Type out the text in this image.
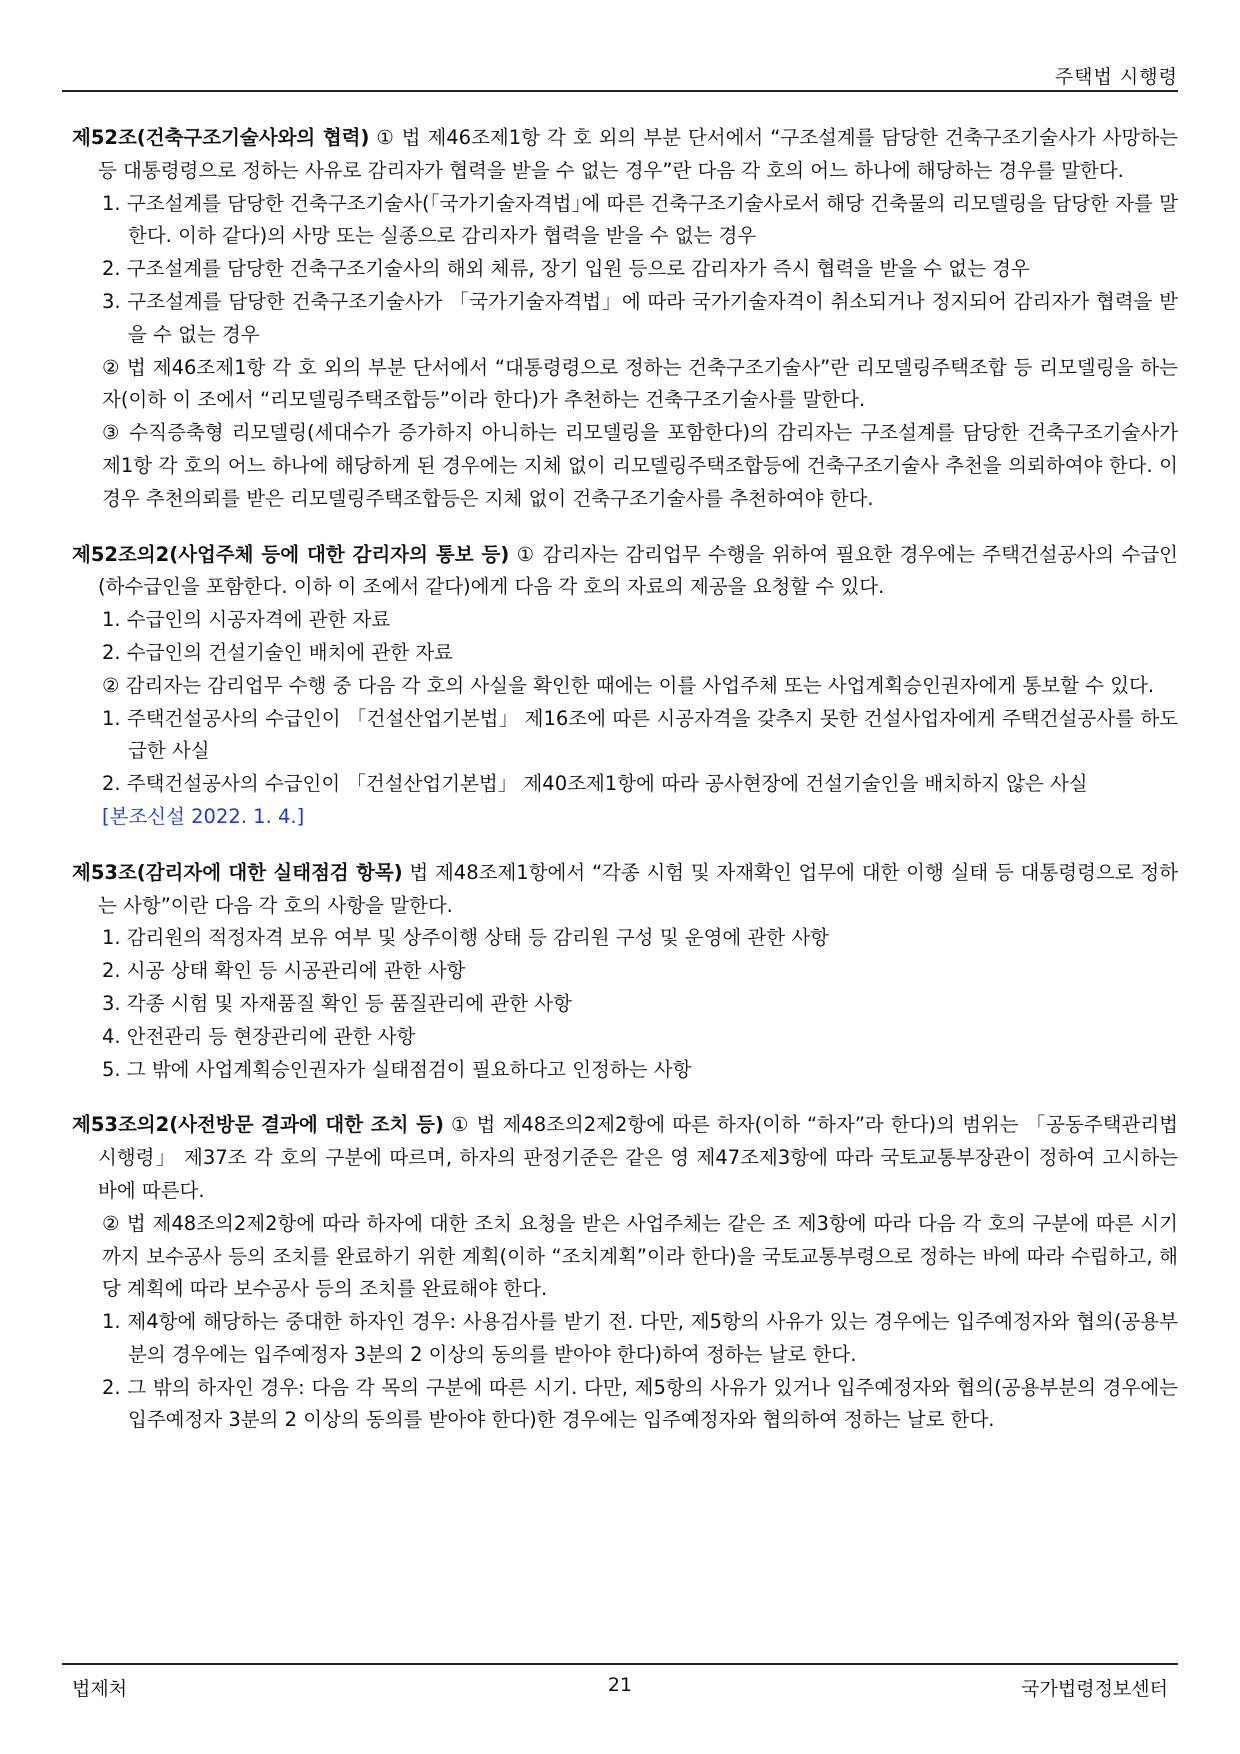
주택법 시행령

제52조(건축구조기술사와의 협력) ① 법 제46조제1항 각 호 외의 부분 단서에서 “구조설계를 담당한 건축구조기술사가 사망하는 등 대통령령으로 정하는 사유로 감리자가 협력을 받을 수 없는 경우”란 다음 각 호의 어느 하나에 해당하는 경우를 말한다.

1. 구조설계를 담당한 건축구조기술사(｢국가기술자격법｣에 따른 건축구조기술사로서 해당 건축물의 리모델링을 담당한 자를 말한다. 이하 같다)의 사망 또는 실종으로 감리자가 협력을 받을 수 없는 경우

2. 구조설계를 담당한 건축구조기술사의 해외 체류, 장기 입원 등으로 감리자가 즉시 협력을 받을 수 없는 경우

3. 구조설계를 담당한 건축구조기술사가 「국가기술자격법」에 따라 국가기술자격이 취소되거나 정지되어 감리자가 협력을 받을 수 없는 경우

② 법 제46조제1항 각 호 외의 부분 단서에서 “대통령령으로 정하는 건축구조기술사”란 리모델링주택조합 등 리모델링을 하는 자(이하 이 조에서 “리모델링주택조합등”이라 한다)가 추천하는 건축구조기술사를 말한다.

③ 수직증축형 리모델링(세대수가 증가하지 아니하는 리모델링을 포함한다)의 감리자는 구조설계를 담당한 건축구조기술사가 제1항 각 호의 어느 하나에 해당하게 된 경우에는 지체 없이 리모델링주택조합등에 건축구조기술사 추천을 의뢰하여야 한다. 이 경우 추천의뢰를 받은 리모델링주택조합등은 지체 없이 건축구조기술사를 추천하여야 한다.

제52조의2(사업주체 등에 대한 감리자의 통보 등) ① 감리자는 감리업무 수행을 위하여 필요한 경우에는 주택건설공사의 수급인(하수급인을 포함한다. 이하 이 조에서 같다)에게 다음 각 호의 자료의 제공을 요청할 수 있다.

1. 수급인의 시공자격에 관한 자료

2. 수급인의 건설기술인 배치에 관한 자료

② 감리자는 감리업무 수행 중 다음 각 호의 사실을 확인한 때에는 이를 사업주체 또는 사업계획승인권자에게 통보할 수 있다.

1. 주택건설공사의 수급인이 「건설산업기본법」 제16조에 따른 시공자격을 갖추지 못한 건설사업자에게 주택건설공사를 하도급한 사실

2. 주택건설공사의 수급인이 「건설산업기본법」 제40조제1항에 따라 공사현장에 건설기술인을 배치하지 않은 사실

[본조신설 2022. 1. 4.]

제53조(감리자에 대한 실태점검 항목) 법 제48조제1항에서 “각종 시험 및 자재확인 업무에 대한 이행 실태 등 대통령령으로 정하는 사항”이란 다음 각 호의 사항을 말한다.

1. 감리원의 적정자격 보유 여부 및 상주이행 상태 등 감리원 구성 및 운영에 관한 사항

2. 시공 상태 확인 등 시공관리에 관한 사항

3. 각종 시험 및 자재품질 확인 등 품질관리에 관한 사항

4. 안전관리 등 현장관리에 관한 사항

5. 그 밖에 사업계획승인권자가 실태점검이 필요하다고 인정하는 사항

제53조의2(사전방문 결과에 대한 조치 등) ① 법 제48조의2제2항에 따른 하자(이하 “하자”라 한다)의 범위는 「공동주택관리법 시행령」 제37조 각 호의 구분에 따르며, 하자의 판정기준은 같은 영 제47조제3항에 따라 국토교통부장관이 정하여 고시하는 바에 따른다.

② 법 제48조의2제2항에 따라 하자에 대한 조치 요청을 받은 사업주체는 같은 조 제3항에 따라 다음 각 호의 구분에 따른 시기까지 보수공사 등의 조치를 완료하기 위한 계획(이하 “조치계획”이라 한다)을 국토교통부령으로 정하는 바에 따라 수립하고, 해당 계획에 따라 보수공사 등의 조치를 완료해야 한다.

1. 제4항에 해당하는 중대한 하자인 경우: 사용검사를 받기 전. 다만, 제5항의 사유가 있는 경우에는 입주예정자와 협의(공용부분의 경우에는 입주예정자 3분의 2 이상의 동의를 받아야 한다)하여 정하는 날로 한다.

2. 그 밖의 하자인 경우: 다음 각 목의 구분에 따른 시기. 다만, 제5항의 사유가 있거나 입주예정자와 협의(공용부분의 경우에는 입주예정자 3분의 2 이상의 동의를 받아야 한다)한 경우에는 입주예정자와 협의하여 정하는 날로 한다.

법제처	21	국가법령정보센터
